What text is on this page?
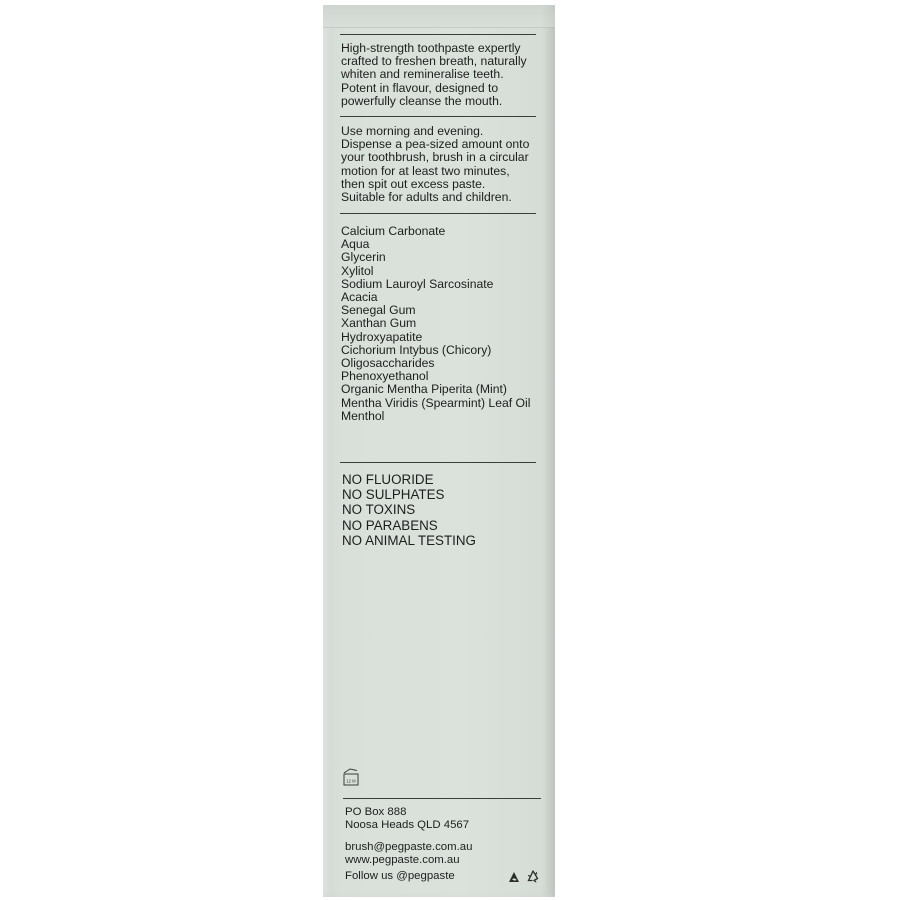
High-strength toothpaste expertly
crafted to freshen breath, naturally
whiten and remineralise teeth.
Potent in flavour, designed to
powerfully cleanse the mouth.
Use morning and evening.
Dispense a pea-sized amount onto
your toothbrush, brush in a circular
motion for at least two minutes,
then spit out excess paste.
Suitable for adults and children.
Calcium Carbonate
Aqua
Glycerin
Xylitol
Sodium Lauroyl Sarcosinate
Acacia
Senegal Gum
Xanthan Gum
Hydroxyapatite
Cichorium Intybus (Chicory)
Oligosaccharides
Phenoxyethanol
Organic Mentha Piperita (Mint)
Mentha Viridis (Spearmint) Leaf Oil
Menthol
NO FLUORIDE
NO SULPHATES
NO TOXINS
NO PARABENS
NO ANIMAL TESTING
12 M
PO Box 888
Noosa Heads QLD 4567
brush@pegpaste.com.au
www.pegpaste.com.au
Follow us @pegpaste
